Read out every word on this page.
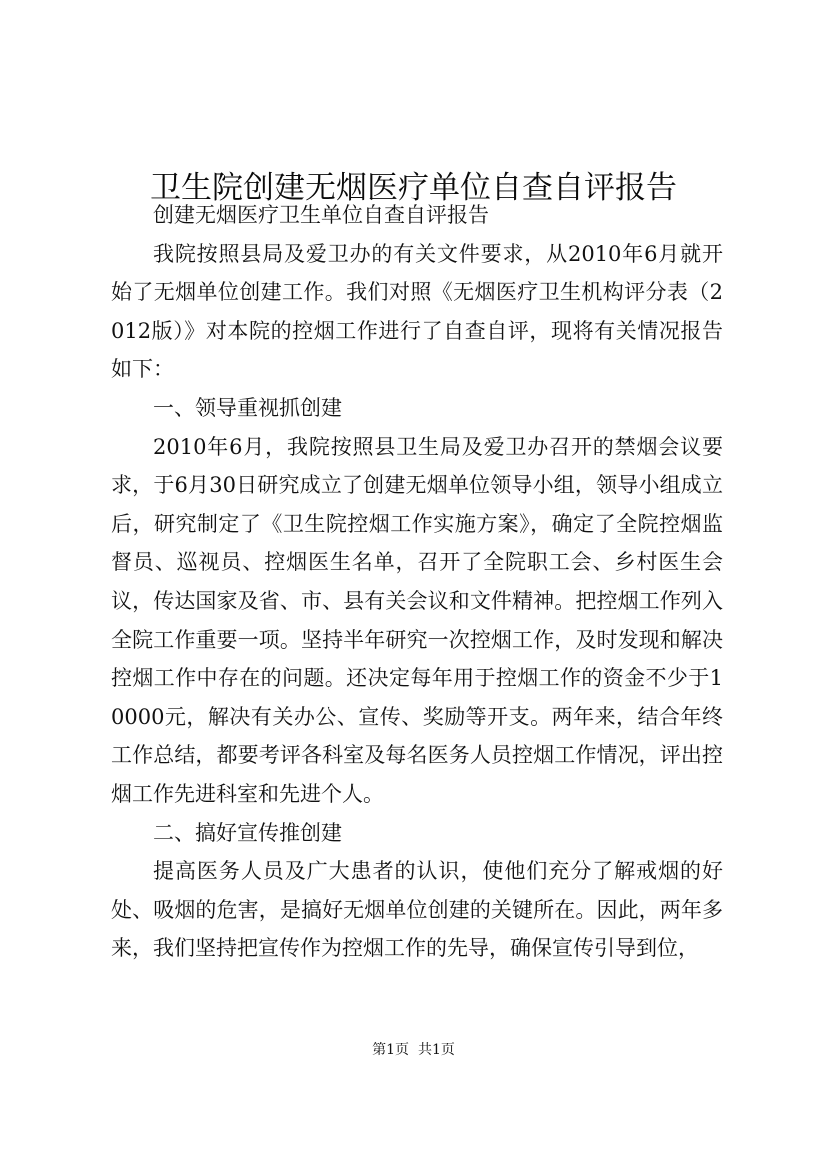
卫生院创建无烟医疗单位自查自评报告

创建无烟医疗卫生单位自查自评报告

我院按照县局及爱卫办的有关文件要求，从2010年6月就开始了无烟单位创建工作。我们对照《无烟医疗卫生机构评分表（2012版）》对本院的控烟工作进行了自查自评，现将有关情况报告如下：

一、领导重视抓创建

2010年6月，我院按照县卫生局及爱卫办召开的禁烟会议要求，于6月30日研究成立了创建无烟单位领导小组，领导小组成立后，研究制定了《卫生院控烟工作实施方案》，确定了全院控烟监督员、巡视员、控烟医生名单，召开了全院职工会、乡村医生会议，传达国家及省、市、县有关会议和文件精神。把控烟工作列入全院工作重要一项。坚持半年研究一次控烟工作，及时发现和解决控烟工作中存在的问题。还决定每年用于控烟工作的资金不少于10000元，解决有关办公、宣传、奖励等开支。两年来，结合年终工作总结，都要考评各科室及每名医务人员控烟工作情况，评出控烟工作先进科室和先进个人。

二、搞好宣传推创建

提高医务人员及广大患者的认识，使他们充分了解戒烟的好处、吸烟的危害，是搞好无烟单位创建的关键所在。因此，两年多来，我们坚持把宣传作为控烟工作的先导，确保宣传引导到位，

第1页  共1页
